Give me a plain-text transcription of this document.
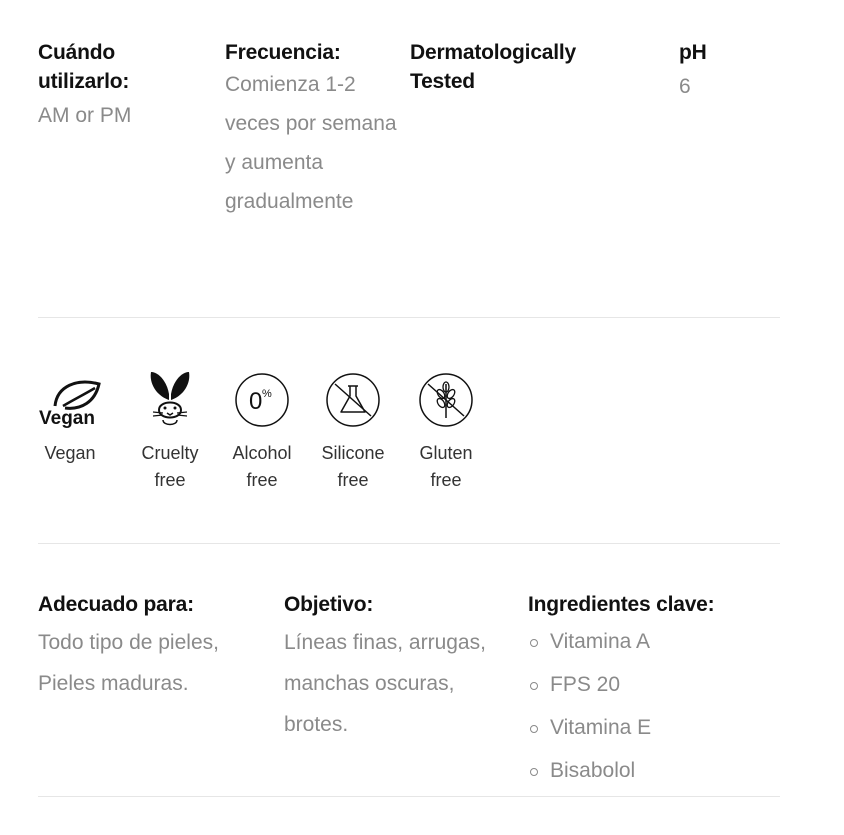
Cuándo utilizarlo:
AM or PM
Frecuencia:
Comienza 1-2 veces por semana y aumenta gradualmente
Dermatologically Tested
pH
6
Vegan
Vegan	Cruelty
free
0 %
Alcohol
free
Silicone
free
Gluten
free
Adecuado para:
Todo tipo de pieles, Pieles maduras.
Objetivo:
Líneas finas, arrugas, manchas oscuras, brotes.
Ingredientes clave:
Vitamina A
FPS 20
Vitamina E
Bisabolol
